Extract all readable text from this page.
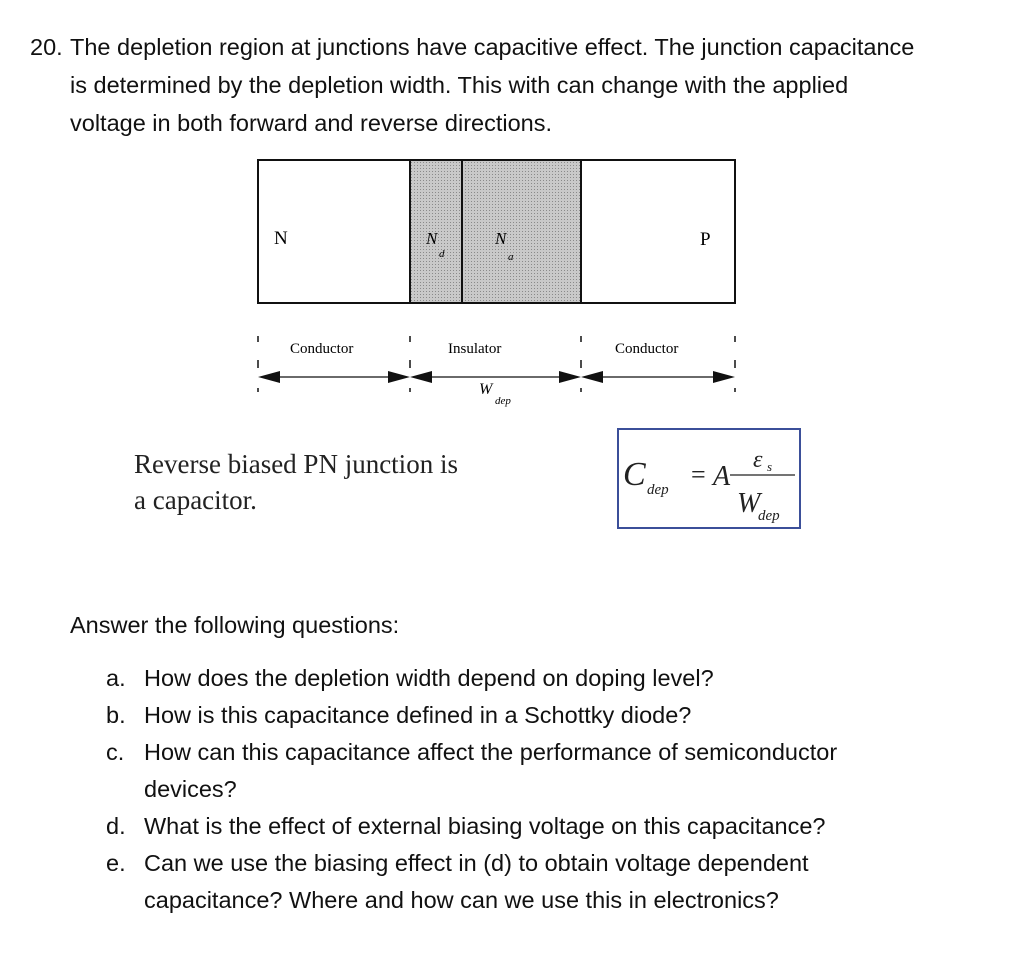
20. The depletion region at junctions have capacitive effect. The junction capacitance
is determined by the depletion width. This with can change with the applied
voltage in both forward and reverse directions.
N	N
d
N
a
P
Conductor	Insulator	Conductor
W
dep
Reverse biased PN junction is
a capacitor.
C dep
= A
ε s
W
dep
Answer the following questions:
a. How does the depletion width depend on doping level?
b. How is this capacitance defined in a Schottky diode?
c. How can this capacitance affect the performance of semiconductor
devices?
d. What is the effect of external biasing voltage on this capacitance?
e. Can we use the biasing effect in (d) to obtain voltage dependent
capacitance? Where and how can we use this in electronics?
